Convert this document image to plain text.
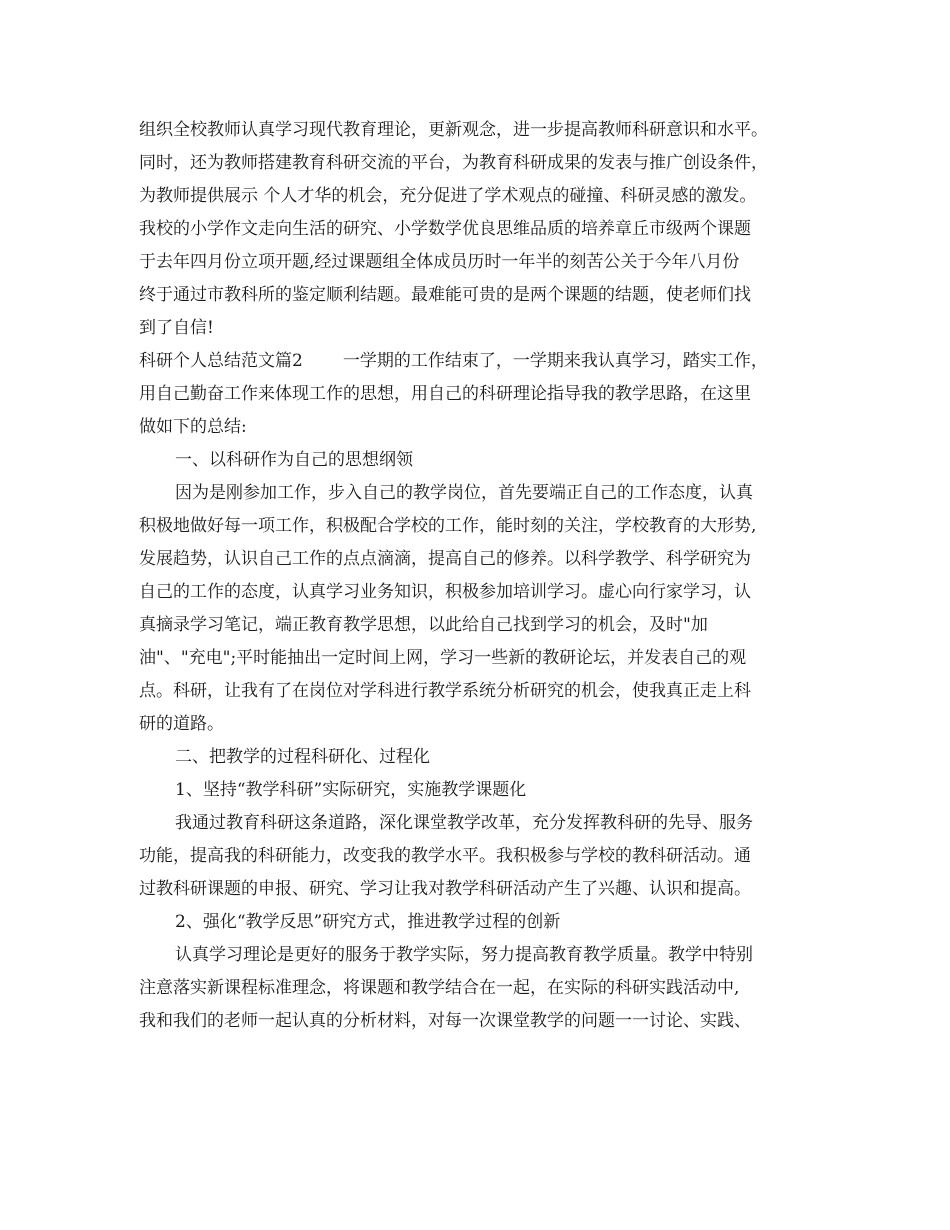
组织全校教师认真学习现代教育理论，更新观念，进一步提高教师科研意识和水平。
同时，还为教师搭建教育科研交流的平台，为教育科研成果的发表与推广创设条件，
为教师提供展示 个人才华的机会，充分促进了学术观点的碰撞、科研灵感的激发。
我校的小学作文走向生活的研究、小学数学优良思维品质的培养章丘市级两个课题
于去年四月份立项开题,经过课题组全体成员历时一年半的刻苦公关于今年八月份
终于通过市教科所的鉴定顺利结题。最难能可贵的是两个课题的结题，使老师们找
到了自信!
科研个人总结范文篇2 一学期的工作结束了，一学期来我认真学习，踏实工作，
用自己勤奋工作来体现工作的思想，用自己的科研理论指导我的教学思路，在这里
做如下的总结:
一、以科研作为自己的思想纲领
因为是刚参加工作，步入自己的教学岗位，首先要端正自己的工作态度，认真
积极地做好每一项工作，积极配合学校的工作，能时刻的关注，学校教育的大形势,
发展趋势，认识自己工作的点点滴滴，提高自己的修养。以科学教学、科学研究为
自己的工作的态度，认真学习业务知识，积极参加培训学习。虚心向行家学习，认
真摘录学习笔记，端正教育教学思想，以此给自己找到学习的机会，及时"加
油"、"充电";平时能抽出一定时间上网，学习一些新的教研论坛，并发表自己的观
点。科研，让我有了在岗位对学科进行教学系统分析研究的机会，使我真正走上科
研的道路。
二、把教学的过程科研化、过程化
1、坚持“教学科研”实际研究，实施教学课题化
我通过教育科研这条道路，深化课堂教学改革，充分发挥教科研的先导、服务
功能，提高我的科研能力，改变我的教学水平。我积极参与学校的教科研活动。通
过教科研课题的申报、研究、学习让我对教学科研活动产生了兴趣、认识和提高。
2、强化“教学反思”研究方式，推进教学过程的创新
认真学习理论是更好的服务于教学实际，努力提高教育教学质量。教学中特别
注意落实新课程标准理念，将课题和教学结合在一起，在实际的科研实践活动中,
我和我们的老师一起认真的分析材料，对每一次课堂教学的问题一一讨论、实践、
